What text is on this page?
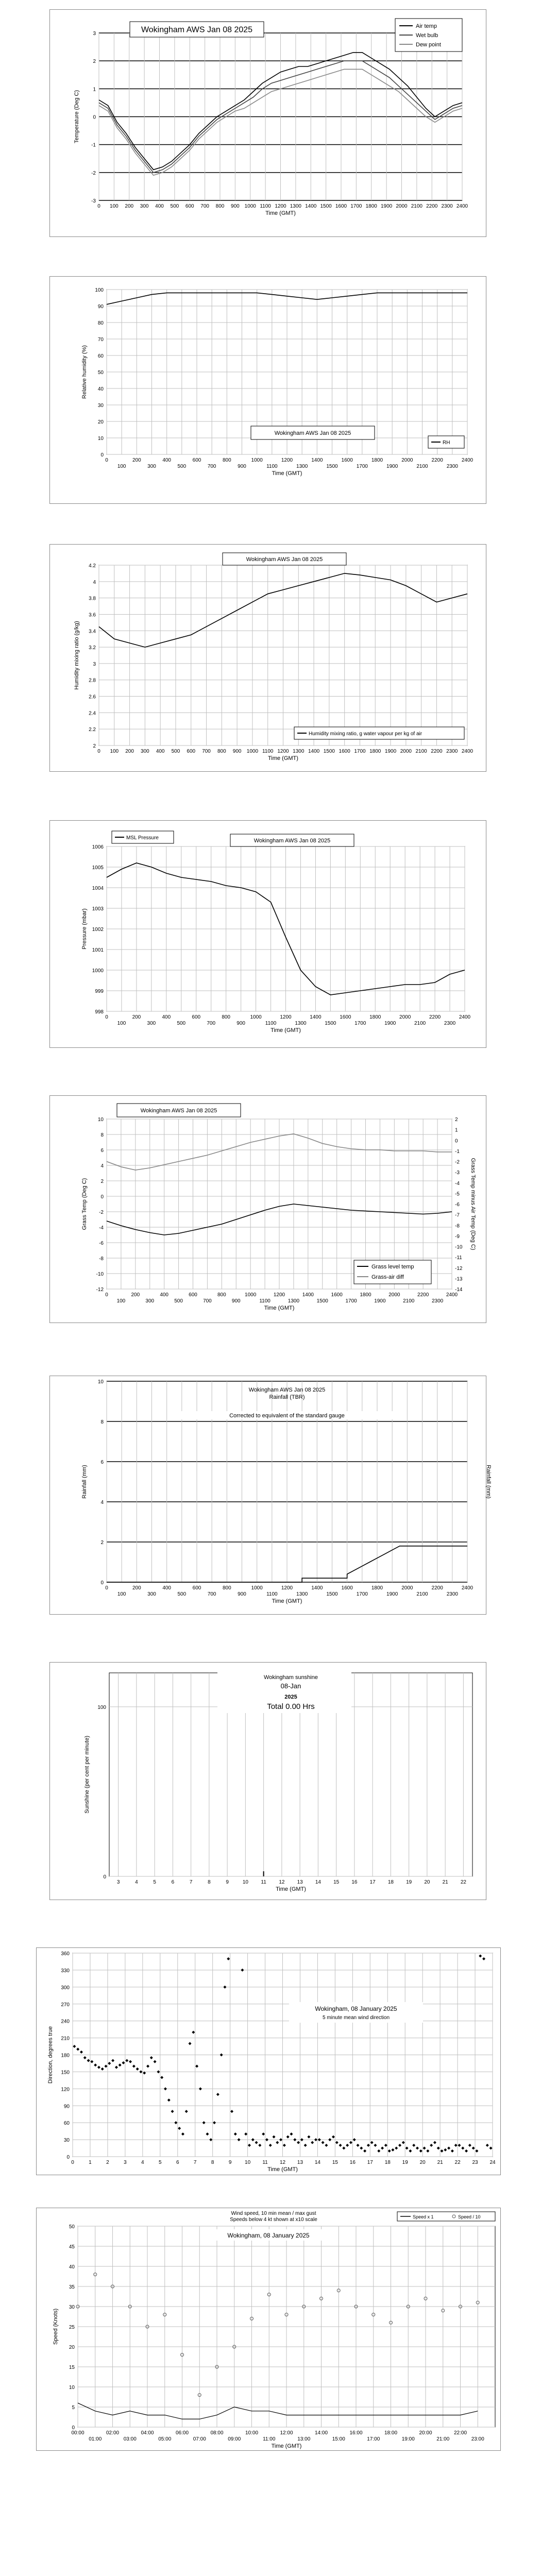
-3
-2
-1
0
1
2
3
0 100 200 300 400 500 600 700 800 900 1000 1100 1200 1300 1400 1500 1600 1700 1800 1900 2000 2100 2200 2300 2400
Time (GMT)
Temperature (Deg C)
Wokingham AWS Jan 08 2025	Air temp
Wet bulb
Dew point
0
10
20
30
40
50
60
70
80
90
100
0	200	400	600	800	1000	1200	1400	1600	1800	2000	2200	2400
100	300	500	700	900	1100	1300	1500	1700	1900	2100	2300
Time (GMT)
Relative humidity (%)
Wokingham AWS Jan 08 2025
RH
2
2.2
2.4
2.6
2.8
3
3.2
3.4
3.6
3.8
4
4.2
0 100 200 300 400 500 600 700 800 900 1000 1100 1200 1300 1400 1500 1600 1700 1800 1900 2000 2100 2200 2300 2400
Time (GMT)
Humidity mixing ratio (g/kg)
Wokingham AWS Jan 08 2025
Humidity mixing ratio, g water vapour per kg of air
998
999
1000
1001
1002
1003
1004
1005
1006
0	200	400	600	800	1000	1200	1400	1600	1800	2000	2200	2400
100	300	500	700	900	1100	1300	1500	1700	1900	2100	2300
Time (GMT)
Pressure (mbar)
Wokingham AWS Jan 08 2025
MSL Pressure
-12
-10
-8
-6
-4
-2
0
2
4
6
8
10
-14
-13
-12
-11
-10
-9
-8
-7
-6
-5
-4
-3
-2
-1
0
1
2
0	200	400	600	800	1000	1200	1400	1600	1800	2000	2200	2400
100	300	500	700	900	1100	1300	1500	1700	1900	2100	2300
Time (GMT)
Grass Temp (Deg C)	Grass Temp minus Air Temp (Deg C)
Wokingham AWS Jan 08 2025
Grass level temp
Grass-air diff
0
2
4
6
8
10
0	200	400	600	800	1000	1200	1400	1600	1800	2000	2200	2400
100	300	500	700	900	1100	1300	1500	1700	1900	2100	2300
Time (GMT)
Rainfall (mm)	Rainfall (mm)
Wokingham AWS Jan 08 2025
Rainfall (TBR)
Corrected to equivalent of the standard gauge
0
100
3	4	5	6	7	8	9	10 11 12 13 14 15 16 17 18 19 20 21 22
Time (GMT)
Sunshine (per cent per minute)
Wokingham sunshine
08-Jan
2025
Total 0.00 Hrs
0
30
60
90
120
150
180
210
240
270
300
330
360
0	1	2	3	4	5	6	7	8	9	10 11 12 13 14 15 16 17 18 19 20 21 22 23 24
Time (GMT)
Direction, degrees true
Wokingham, 08 January 2025
5 minute mean wind direction
0
5
10
15
20
25
30
35
40
45
50
00:00	02:00	04:00	06:00	08:00	10:00	12:00	14:00	16:00	18:00	20:00	22:00
01:00	03:00	05:00	07:00	09:00	11:00	13:00	15:00	17:00	19:00	21:00	23:00
Time (GMT)
Speed (Knots)
Wind speed, 10 min mean / max gust
Speeds below 4 kt shown at x10 scale
Wokingham, 08 January 2025
Speed x 1	Speed / 10
